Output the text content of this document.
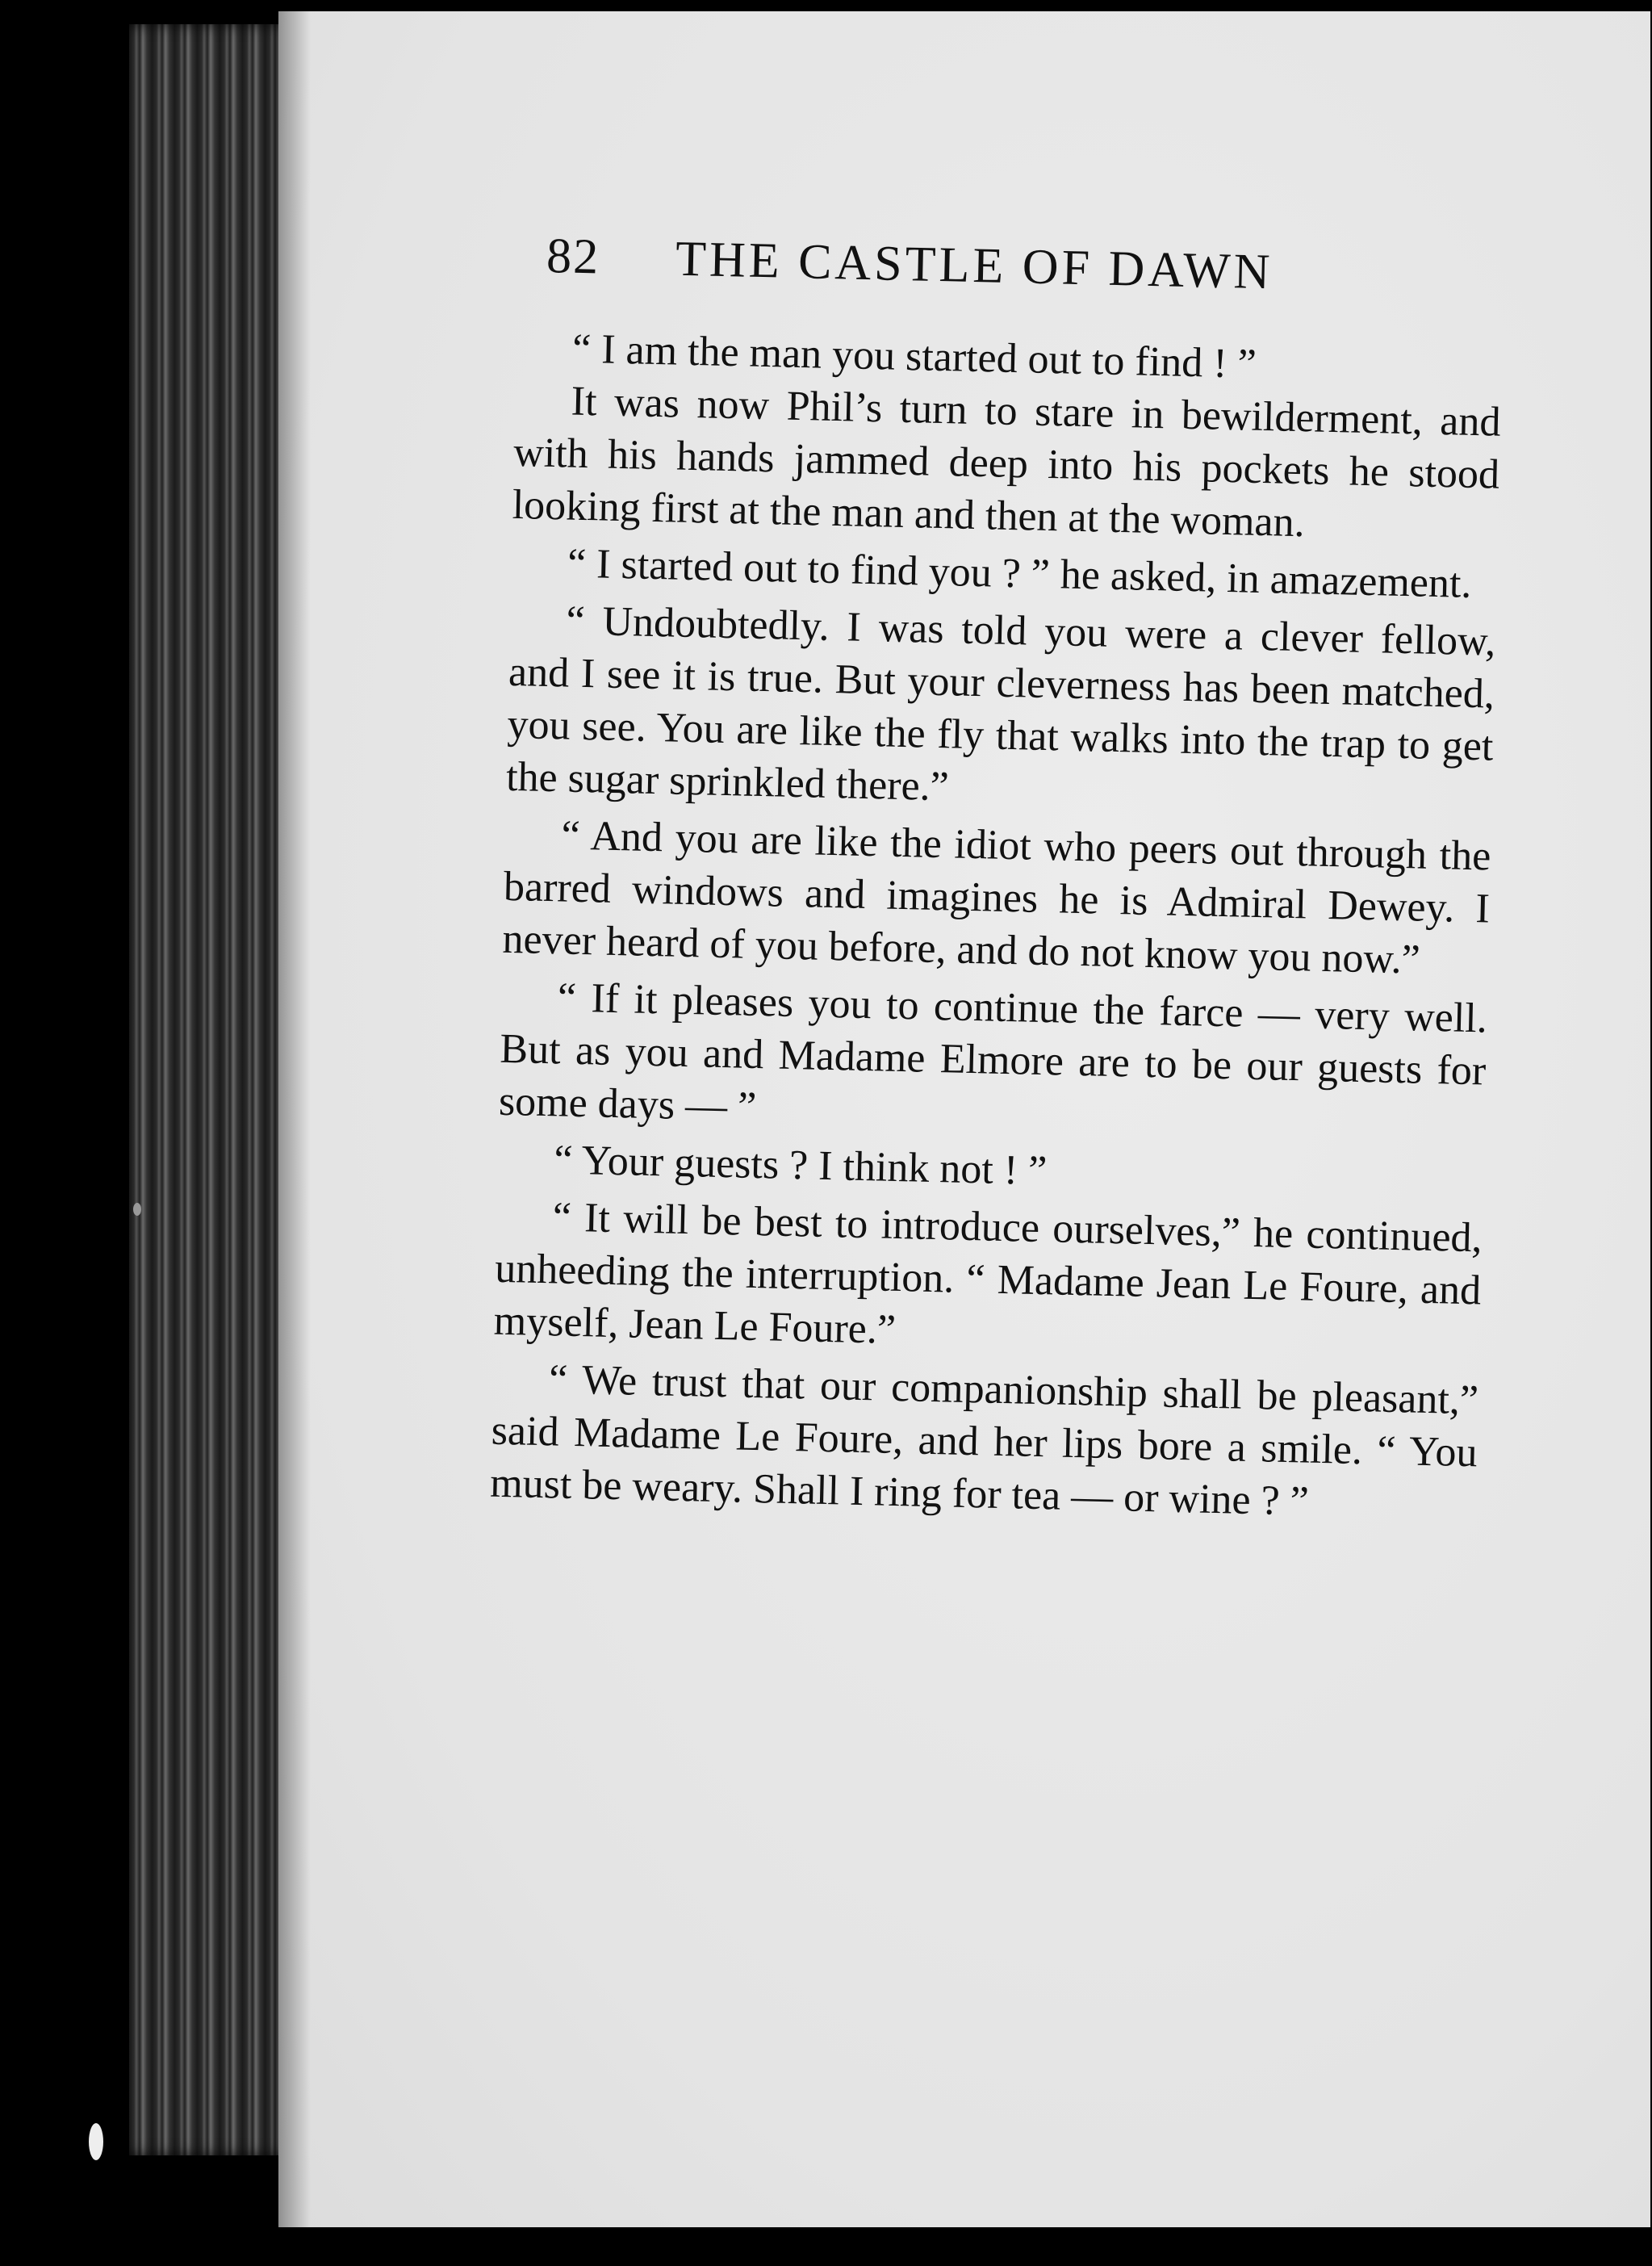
82 THE CASTLE OF DAWN

“ I am the man you started out to find ! ”

It was now Phil’s turn to stare in bewilderment, and with his hands jammed deep into his pockets he stood looking first at the man and then at the woman.

“ I started out to find you ? ” he asked, in amazement.

“ Undoubtedly. I was told you were a clever fellow, and I see it is true. But your cleverness has been matched, you see. You are like the fly that walks into the trap to get the sugar sprinkled there.”

“ And you are like the idiot who peers out through the barred windows and imagines he is Admiral Dewey. I never heard of you before, and do not know you now.”

“ If it pleases you to continue the farce — very well. But as you and Madame Elmore are to be our guests for some days — ”

“ Your guests ? I think not ! ”

“ It will be best to introduce ourselves,” he continued, unheeding the interruption. “ Madame Jean Le Foure, and myself, Jean Le Foure.”

“ We trust that our companionship shall be pleasant,” said Madame Le Foure, and her lips bore a smile. “ You must be weary. Shall I ring for tea — or wine ? ”
